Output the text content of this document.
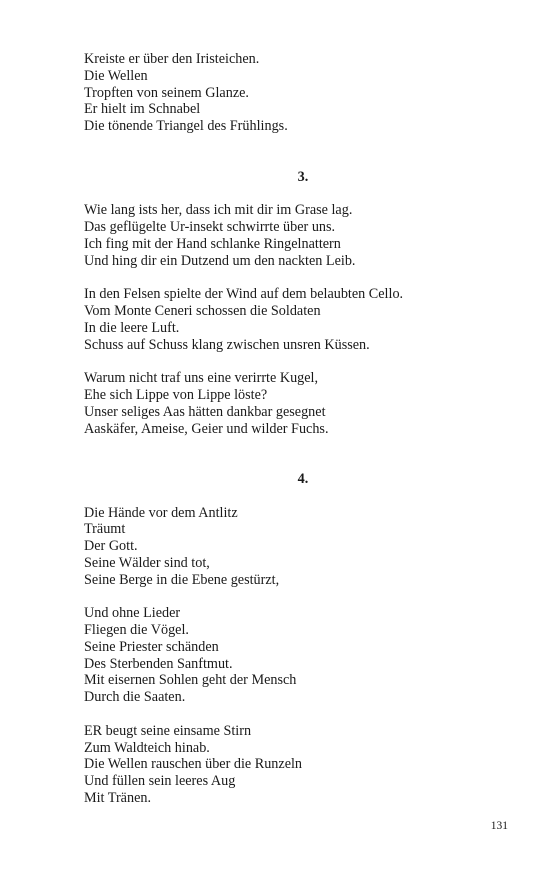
Kreiste er über den Iristeichen.
Die Wellen
Tropften von seinem Glanze.
Er hielt im Schnabel
Die tönende Triangel des Frühlings.
3.
Wie lang ists her, dass ich mit dir im Grase lag.
Das geflügelte Ur-insekt schwirrte über uns.
Ich fing mit der Hand schlanke Ringelnattern
Und hing dir ein Dutzend um den nackten Leib.
In den Felsen spielte der Wind auf dem belaubten Cello.
Vom Monte Ceneri schossen die Soldaten
In die leere Luft.
Schuss auf Schuss klang zwischen unsren Küssen.
Warum nicht traf uns eine verirrte Kugel,
Ehe sich Lippe von Lippe löste?
Unser seliges Aas hätten dankbar gesegnet
Aaskäfer, Ameise, Geier und wilder Fuchs.
4.
Die Hände vor dem Antlitz
Träumt
Der Gott.
Seine Wälder sind tot,
Seine Berge in die Ebene gestürzt,
Und ohne Lieder
Fliegen die Vögel.
Seine Priester schänden
Des Sterbenden Sanftmut.
Mit eisernen Sohlen geht der Mensch
Durch die Saaten.
ER beugt seine einsame Stirn
Zum Waldteich hinab.
Die Wellen rauschen über die Runzeln
Und füllen sein leeres Aug
Mit Tränen.
131
